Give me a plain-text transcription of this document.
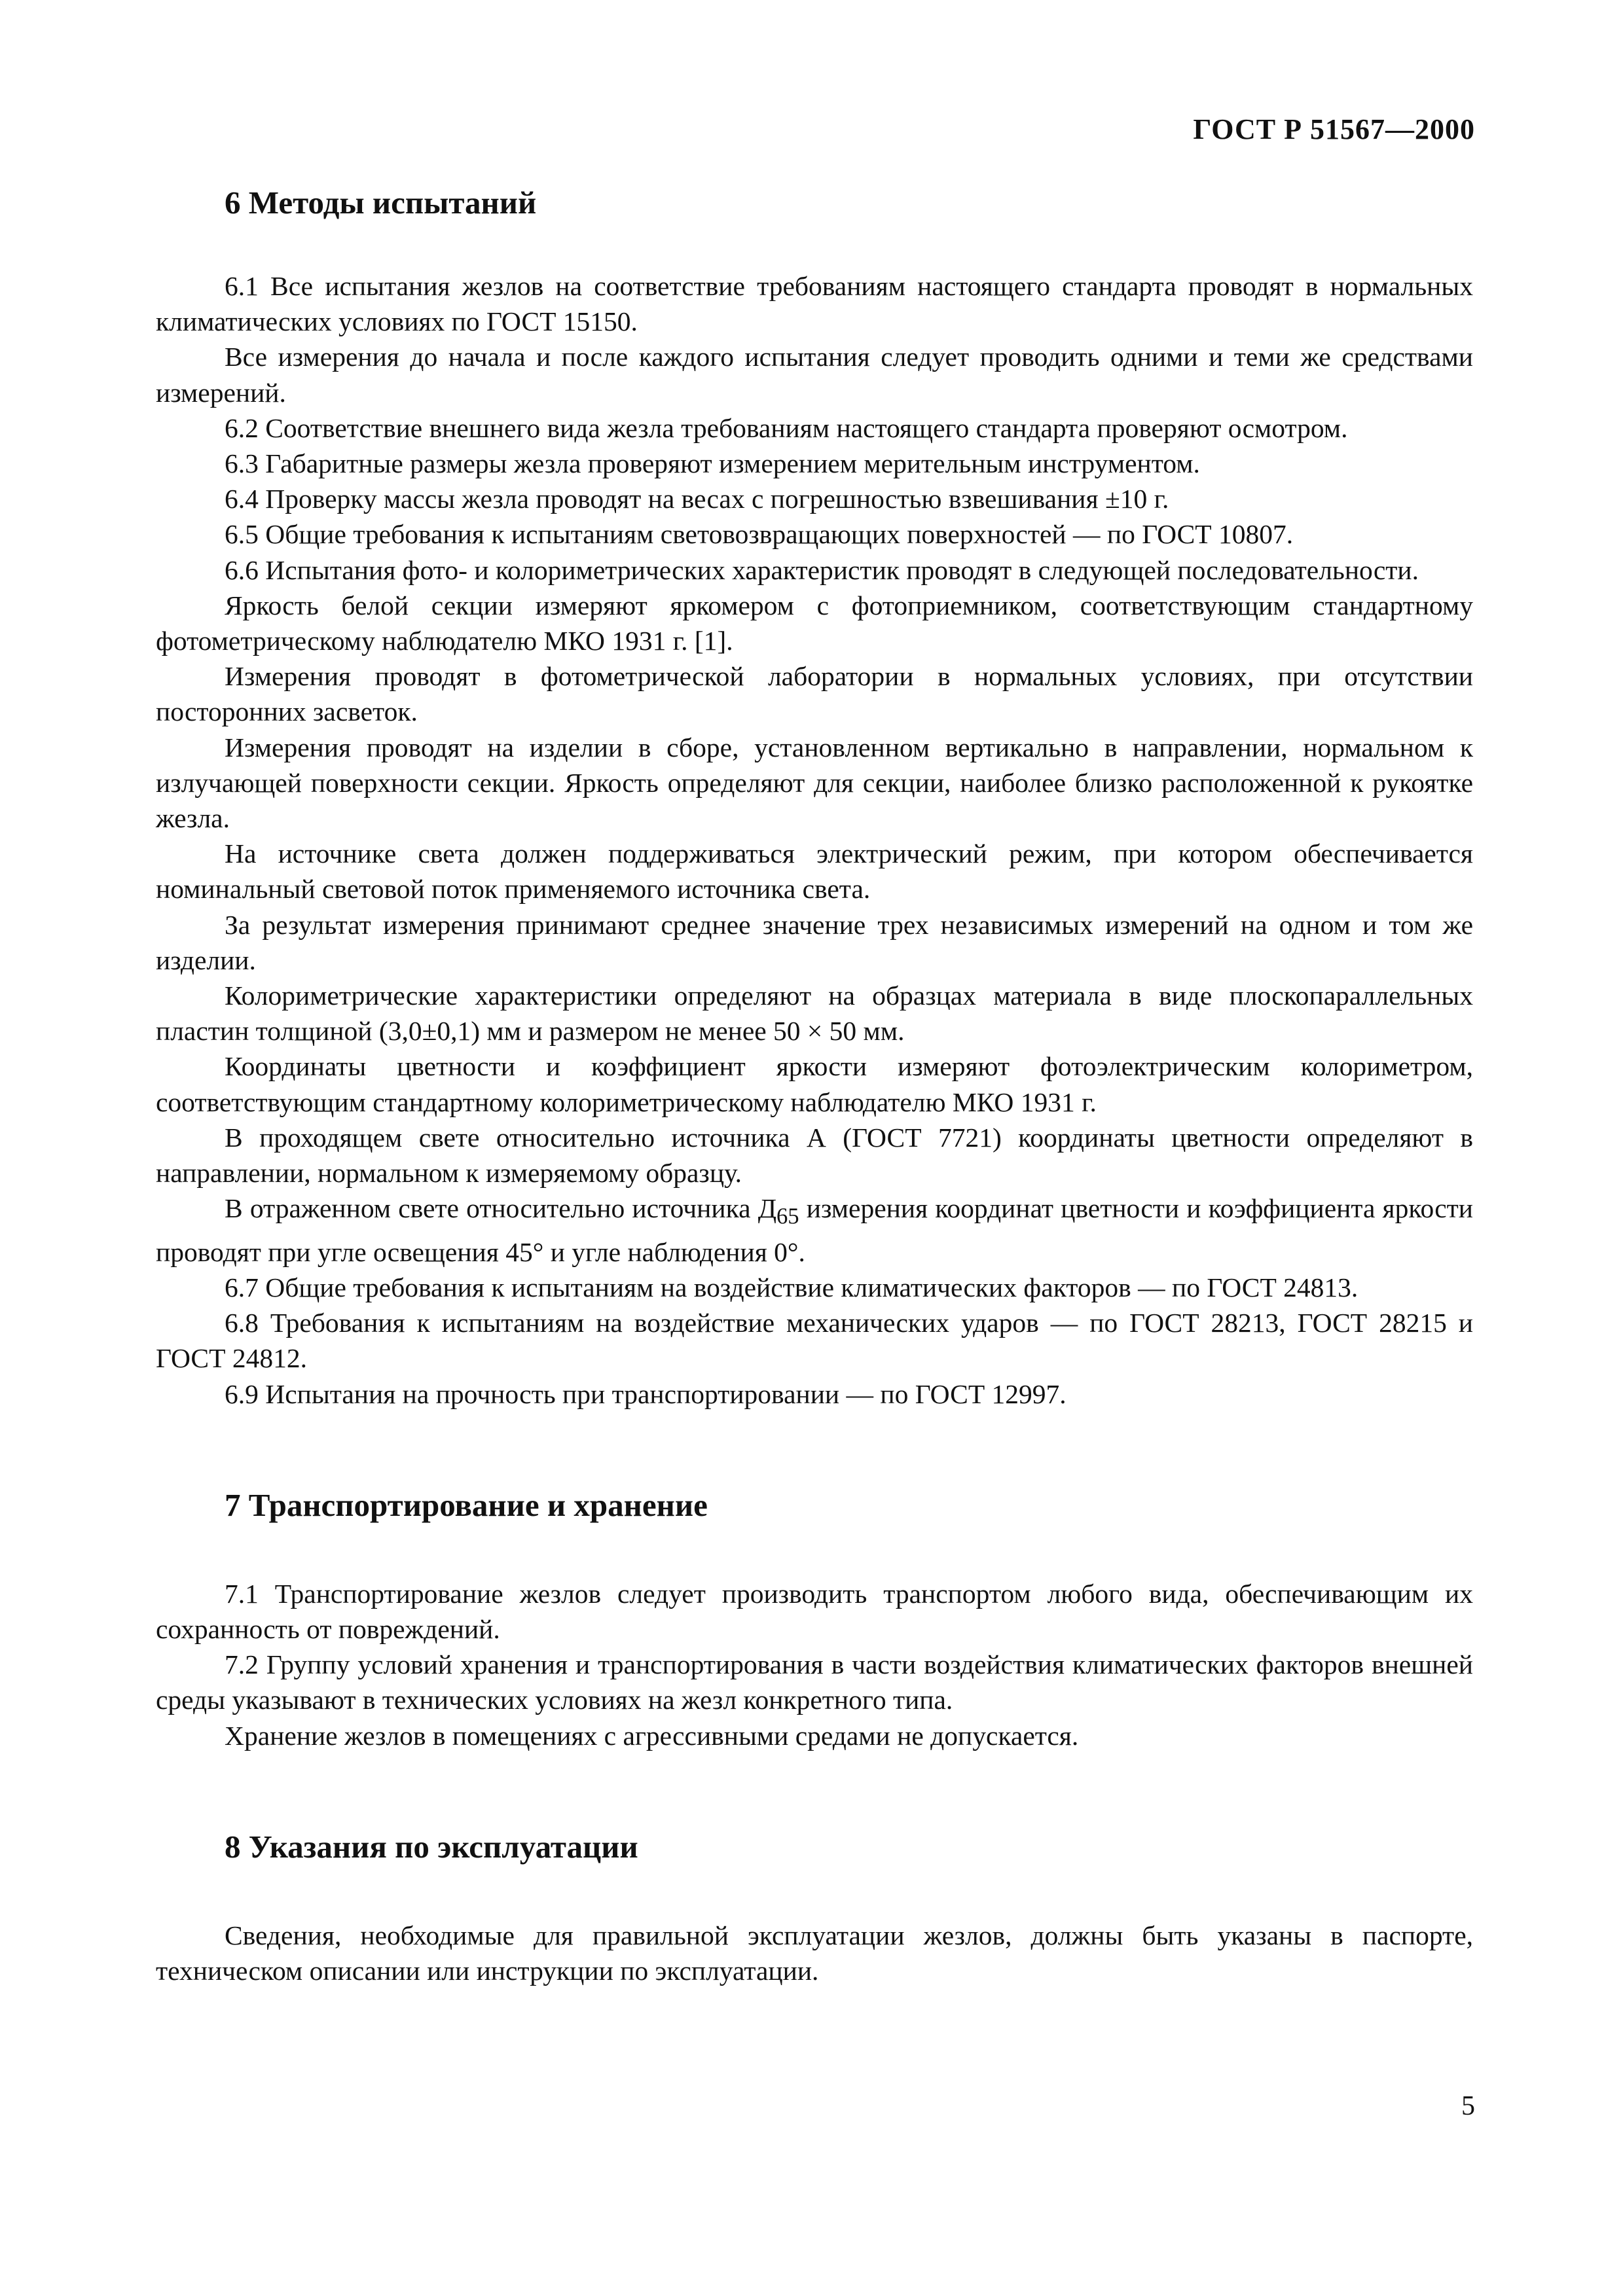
ГОСТ Р 51567—2000
6 Методы испытаний

6.1 Все испытания жезлов на соответствие требованиям настоящего стандарта проводят в нормальных климатических условиях по ГОСТ 15150.

Все измерения до начала и после каждого испытания следует проводить одними и теми же средствами измерений.

6.2 Соответствие внешнего вида жезла требованиям настоящего стандарта проверяют осмотром.

6.3 Габаритные размеры жезла проверяют измерением мерительным инструментом.

6.4 Проверку массы жезла проводят на весах с погрешностью взвешивания ±10 г.

6.5 Общие требования к испытаниям световозвращающих поверхностей — по ГОСТ 10807.

6.6 Испытания фото- и колориметрических характеристик проводят в следующей последовательности.

Яркость белой секции измеряют яркомером с фотоприемником, соответствующим стандартному фотометрическому наблюдателю МКО 1931 г. [1].

Измерения проводят в фотометрической лаборатории в нормальных условиях, при отсутствии посторонних засветок.

Измерения проводят на изделии в сборе, установленном вертикально в направлении, нормальном к излучающей поверхности секции. Яркость определяют для секции, наиболее близко расположенной к рукоятке жезла.

На источнике света должен поддерживаться электрический режим, при котором обеспечивается номинальный световой поток применяемого источника света.

За результат измерения принимают среднее значение трех независимых измерений на одном и том же изделии.

Колориметрические характеристики определяют на образцах материала в виде плоскопараллельных пластин толщиной (3,0±0,1) мм и размером не менее 50 × 50 мм.

Координаты цветности и коэффициент яркости измеряют фотоэлектрическим колориметром, соответствующим стандартному колориметрическому наблюдателю МКО 1931 г.

В проходящем свете относительно источника А (ГОСТ 7721) координаты цветности определяют в направлении, нормальном к измеряемому образцу.

В отраженном свете относительно источника $Д_{65}$ измерения координат цветности и коэффициента яркости проводят при угле освещения 45° и угле наблюдения 0°.

6.7 Общие требования к испытаниям на воздействие климатических факторов — по ГОСТ 24813.

6.8 Требования к испытаниям на воздействие механических ударов — по ГОСТ 28213, ГОСТ 28215 и ГОСТ 24812.

6.9 Испытания на прочность при транспортировании — по ГОСТ 12997.

7 Транспортирование и хранение

7.1 Транспортирование жезлов следует производить транспортом любого вида, обеспечивающим их сохранность от повреждений.

7.2 Группу условий хранения и транспортирования в части воздействия климатических факторов внешней среды указывают в технических условиях на жезл конкретного типа.

Хранение жезлов в помещениях с агрессивными средами не допускается.

8 Указания по эксплуатации

Сведения, необходимые для правильной эксплуатации жезлов, должны быть указаны в паспорте, техническом описании или инструкции по эксплуатации.

5
